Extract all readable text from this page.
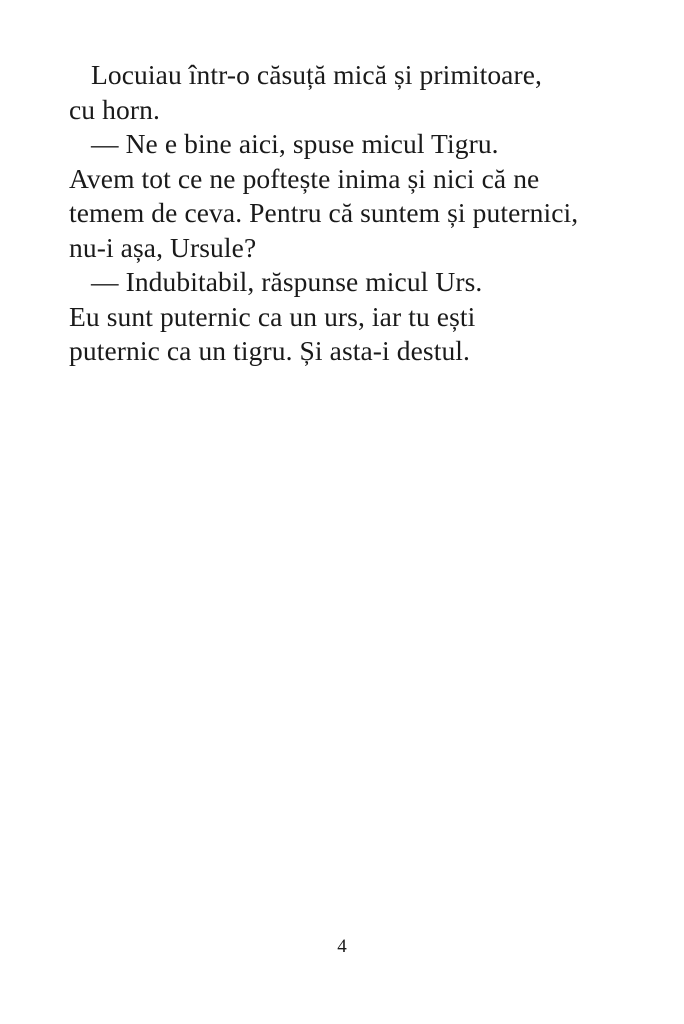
Locuiau într-o căsuță mică și primitoare,
cu horn.
— Ne e bine aici, spuse micul Tigru.
Avem tot ce ne poftește inima și nici că ne
temem de ceva. Pentru că suntem și puternici,
nu-i așa, Ursule?
— Indubitabil, răspunse micul Urs.
Eu sunt puternic ca un urs, iar tu ești
puternic ca un tigru. Și asta-i destul.
4
